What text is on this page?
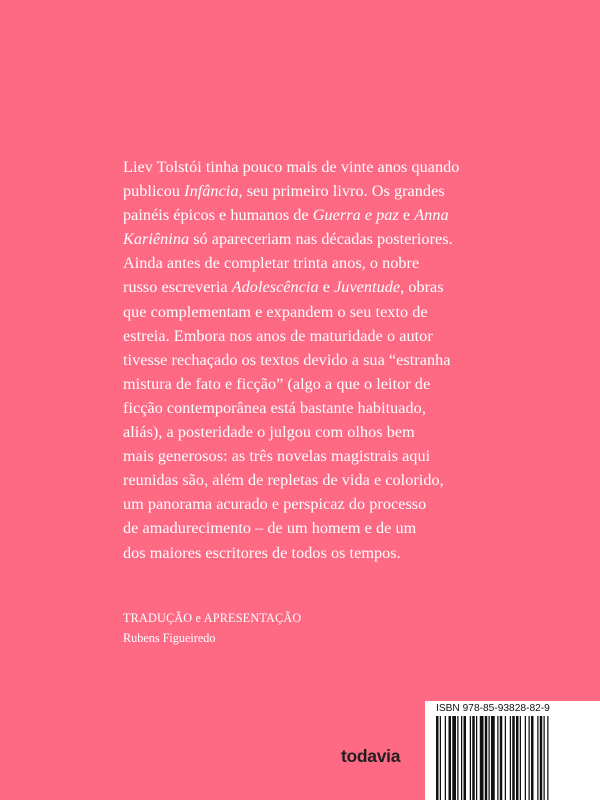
Liev Tolstói tinha pouco mais de vinte anos quando
publicou Infância, seu primeiro livro. Os grandes
painéis épicos e humanos de Guerra e paz e Anna
Kariênina só apareceriam nas décadas posteriores.
Ainda antes de completar trinta anos, o nobre
russo escreveria Adolescência e Juventude, obras
que complementam e expandem o seu texto de
estreia. Embora nos anos de maturidade o autor
tivesse rechaçado os textos devido a sua “estranha
mistura de fato e ficção” (algo a que o leitor de
ficção contemporânea está bastante habituado,
aliás), a posteridade o julgou com olhos bem
mais generosos: as três novelas magistrais aqui
reunidas são, além de repletas de vida e colorido,
um panorama acurado e perspicaz do processo
de amadurecimento – de um homem e de um
dos maiores escritores de todos os tempos.
TRADUÇÃO e APRESENTAÇÃO
Rubens Figueiredo
todavia
ISBN 978-85-93828-82-9
